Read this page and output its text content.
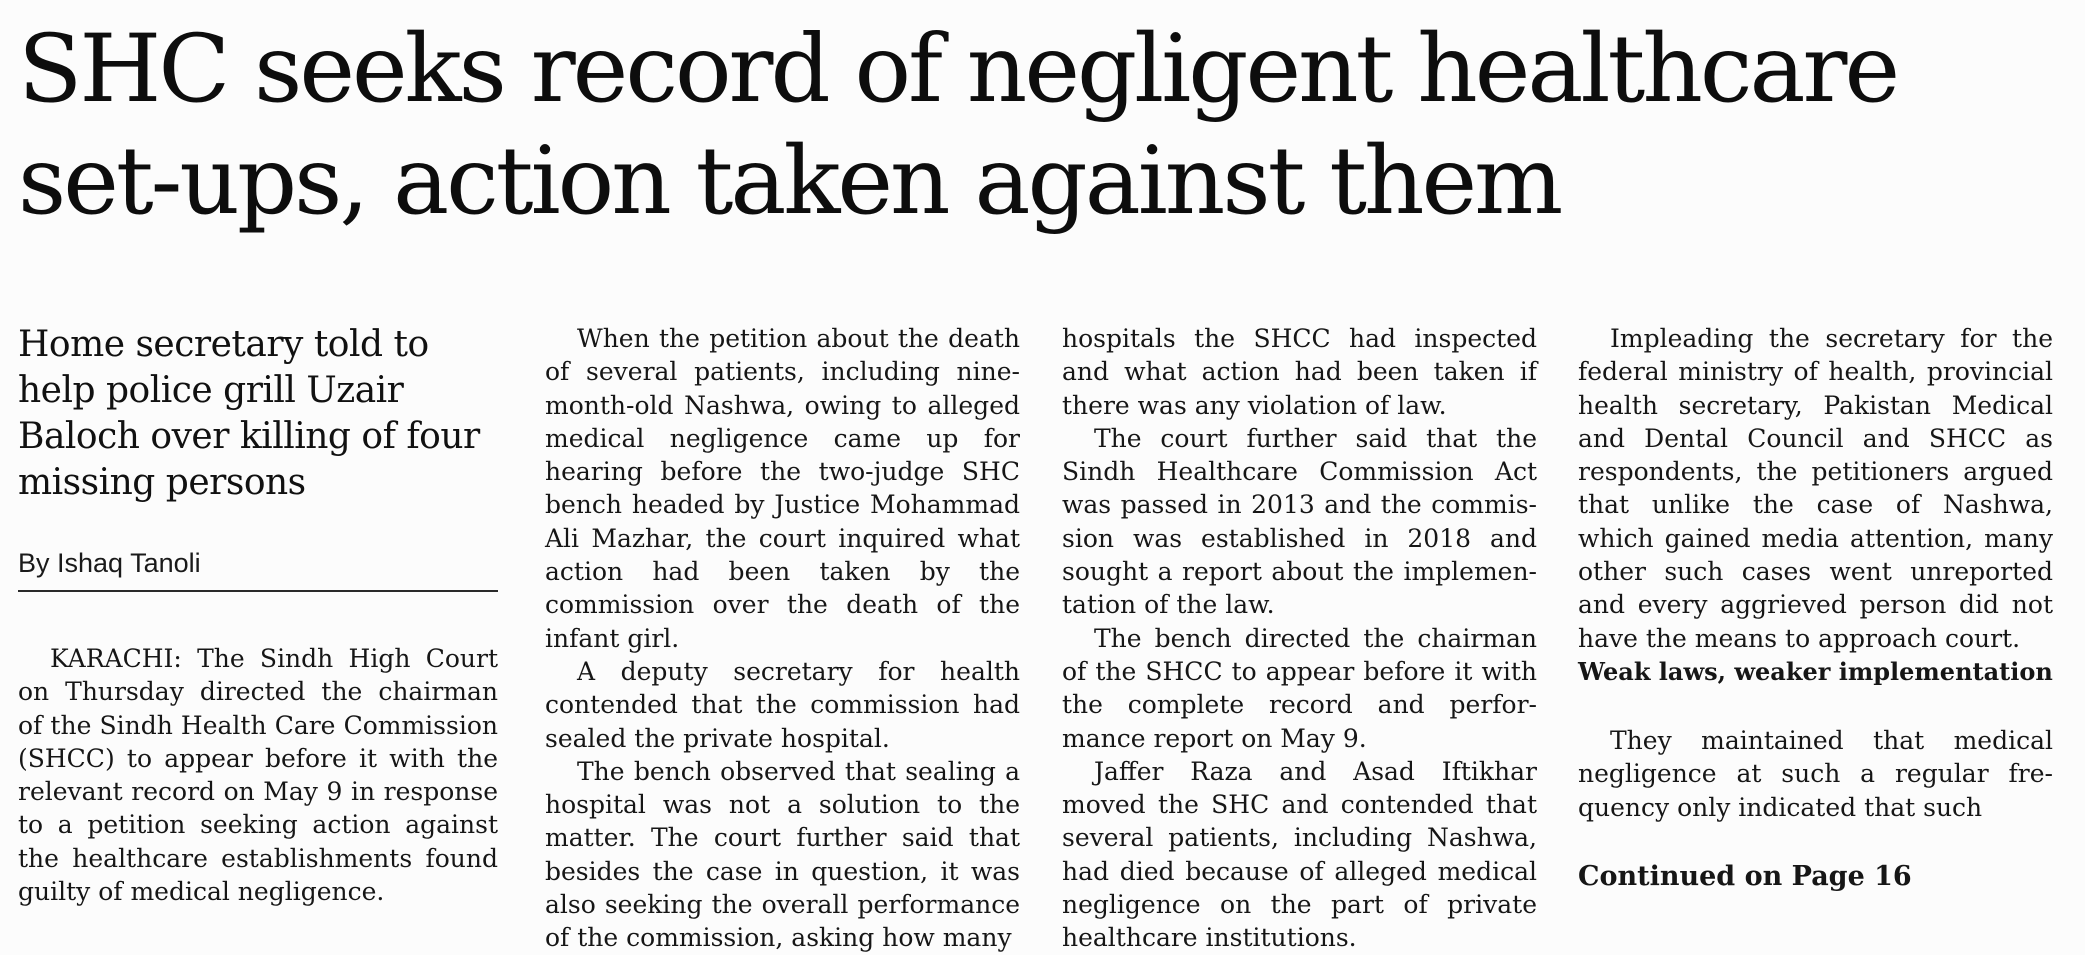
SHC seeks record of negligent healthcare
set-ups, action taken against them
Home secretary told to help police grill Uzair Baloch over killing of four missing persons
By Ishaq Tanoli

KARACHI: The Sindh High Court on Thursday directed the chairman of the Sindh Health Care Commission (SHCC) to appear before it with the relevant record on May 9 in response to a petition seeking action against the healthcare establishments found guilty of medical negligence.

When the petition about the death of several patients, including nine-month-old Nashwa, owing to alleged medical negligence came up for hearing before the two-judge SHC bench headed by Justice Mohammad Ali Mazhar, the court inquired what action had been taken by the commission over the death of the infant girl.

A deputy secretary for health contended that the commission had sealed the private hospital.

The bench observed that sealing a hospital was not a solution to the matter. The court further said that besides the case in question, it was also seeking the overall performance of the commission, asking how many

hospitals the SHCC had inspected and what action had been taken if there was any violation of law.

The court further said that the Sindh Healthcare Commission Act was passed in 2013 and the commission was established in 2018 and sought a report about the implementation of the law.

The bench directed the chairman of the SHCC to appear before it with the complete record and performance report on May 9.

Jaffer Raza and Asad Iftikhar moved the SHC and contended that several patients, including Nashwa, had died because of alleged medical negligence on the part of private healthcare institutions.

Impleading the secretary for the federal ministry of health, provincial health secretary, Pakistan Medical and Dental Council and SHCC as respondents, the petitioners argued that unlike the case of Nashwa, which gained media attention, many other such cases went unreported and every aggrieved person did not have the means to approach court.

Weak laws, weaker implementation

They maintained that medical negligence at such a regular frequency only indicated that such

Continued on Page 16
